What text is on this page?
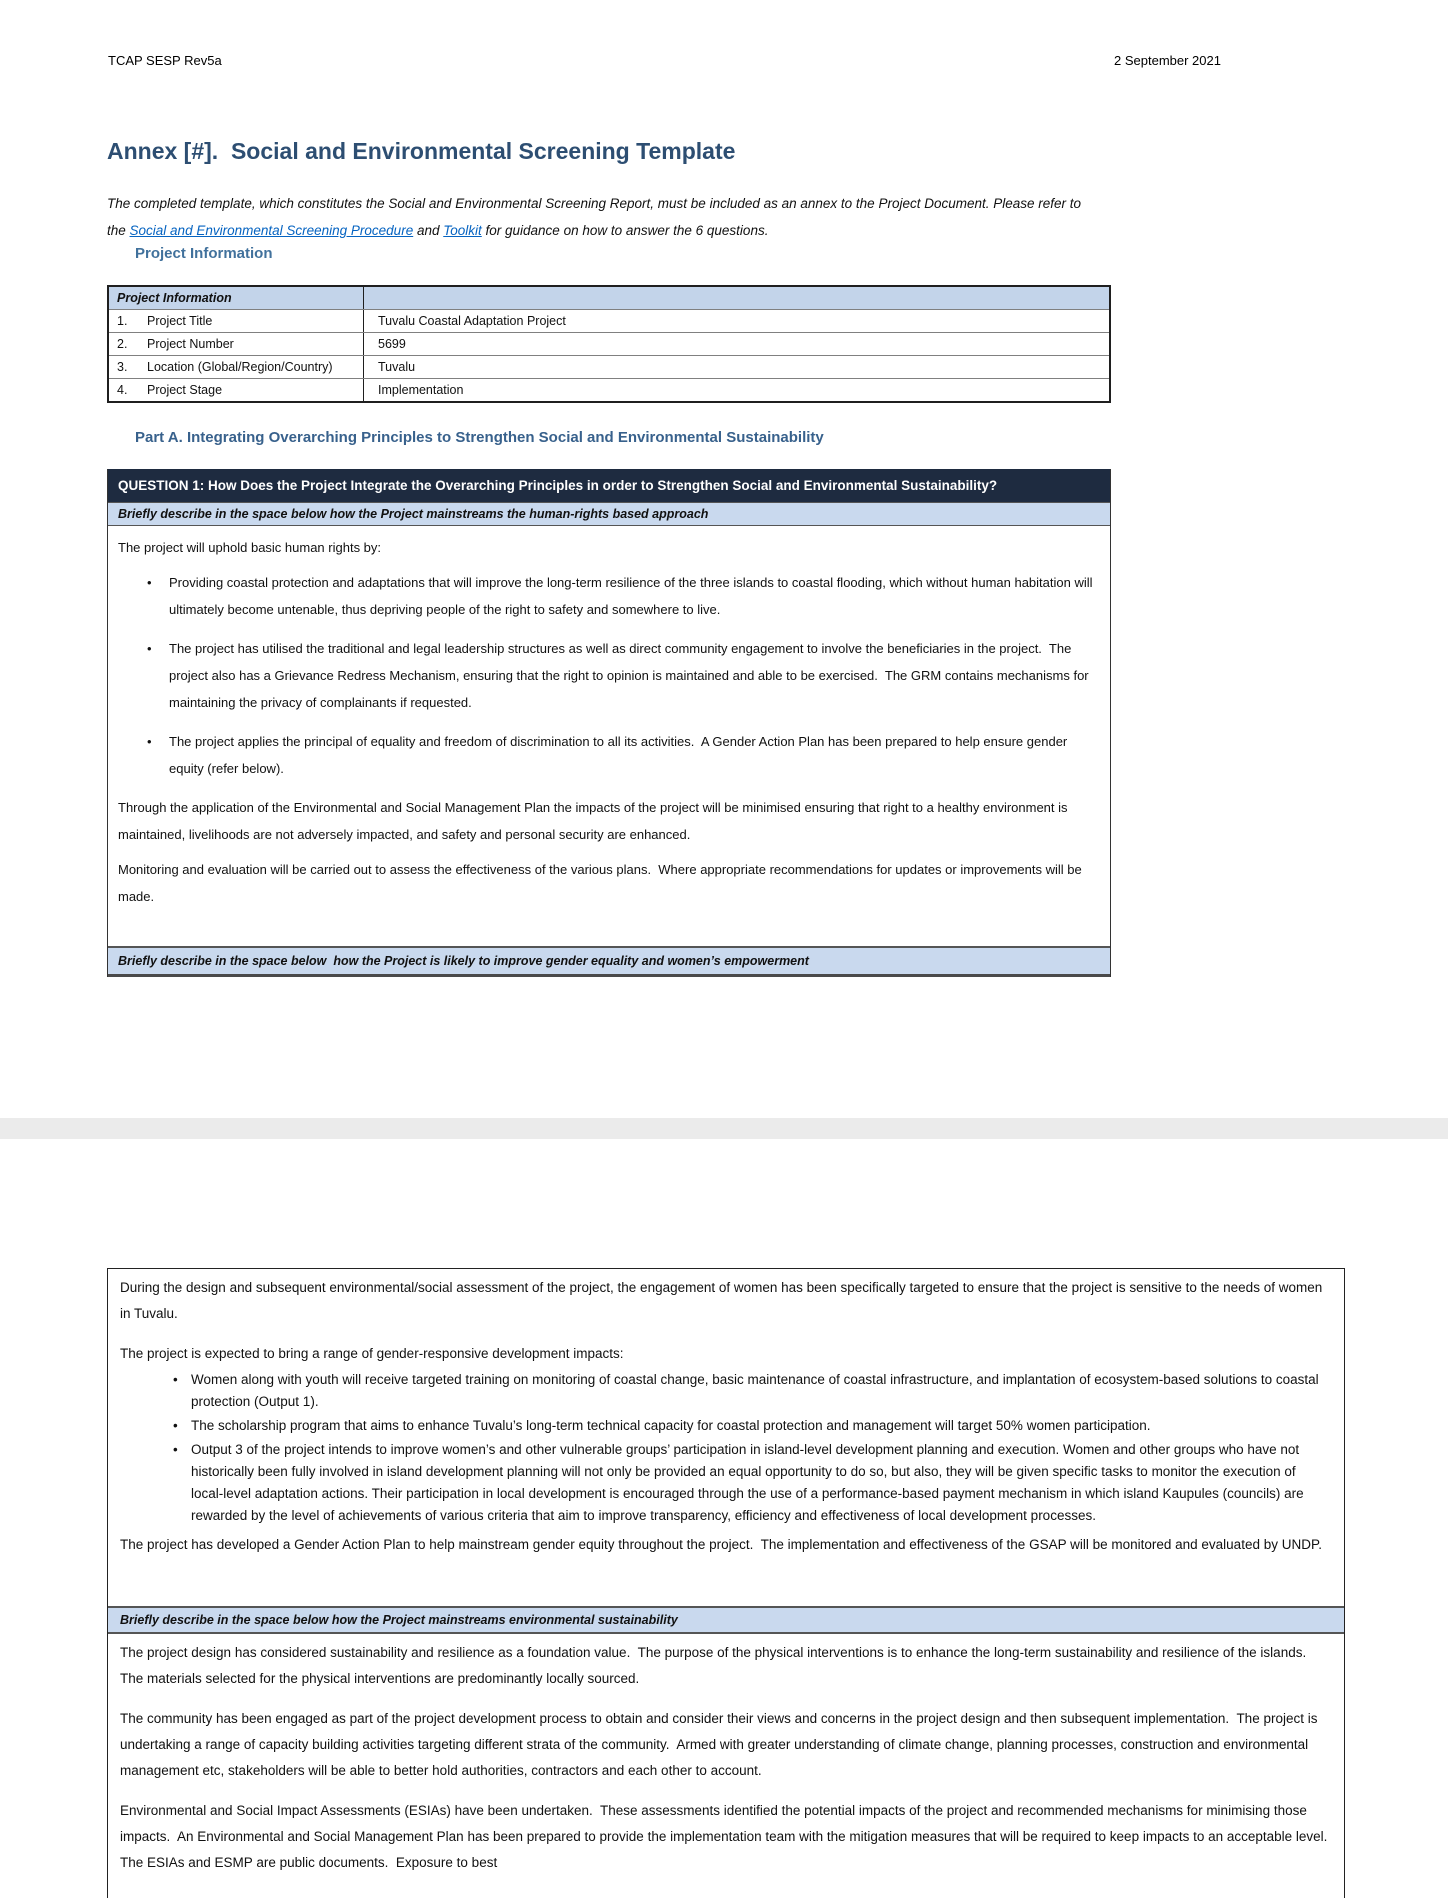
TCAP SESP Rev5a	2 September 2021
Annex [#].  Social and Environmental Screening Template
The completed template, which constitutes the Social and Environmental Screening Report, must be included as an annex to the Project Document. Please refer to the Social and Environmental Screening Procedure and Toolkit for guidance on how to answer the 6 questions.
Project Information
Project Information
1.	Project Title	Tuvalu Coastal Adaptation Project
2.	Project Number	5699
3.	Location (Global/Region/Country)	Tuvalu
4.	Project Stage	Implementation
Part A. Integrating Overarching Principles to Strengthen Social and Environmental Sustainability
QUESTION 1: How Does the Project Integrate the Overarching Principles in order to Strengthen Social and Environmental Sustainability?
Briefly describe in the space below how the Project mainstreams the human-rights based approach

The project will uphold basic human rights by:

• Providing coastal protection and adaptations that will improve the long-term resilience of the three islands to coastal flooding, which without human habitation will ultimately become untenable, thus depriving people of the right to safety and somewhere to live.
• The project has utilised the traditional and legal leadership structures as well as direct community engagement to involve the beneficiaries in the project.  The project also has a Grievance Redress Mechanism, ensuring that the right to opinion is maintained and able to be exercised.  The GRM contains mechanisms for maintaining the privacy of complainants if requested.
• The project applies the principal of equality and freedom of discrimination to all its activities.  A Gender Action Plan has been prepared to help ensure gender equity (refer below).

Through the application of the Environmental and Social Management Plan the impacts of the project will be minimised ensuring that right to a healthy environment is maintained, livelihoods are not adversely impacted, and safety and personal security are enhanced.

Monitoring and evaluation will be carried out to assess the effectiveness of the various plans.  Where appropriate recommendations for updates or improvements will be made.

Briefly describe in the space below  how the Project is likely to improve gender equality and women’s empowerment

During the design and subsequent environmental/social assessment of the project, the engagement of women has been specifically targeted to ensure that the project is sensitive to the needs of women in Tuvalu.

The project is expected to bring a range of gender-responsive development impacts:

• Women along with youth will receive targeted training on monitoring of coastal change, basic maintenance of coastal infrastructure, and implantation of ecosystem-based solutions to coastal protection (Output 1).
• The scholarship program that aims to enhance Tuvalu’s long-term technical capacity for coastal protection and management will target 50% women participation.
• Output 3 of the project intends to improve women’s and other vulnerable groups’ participation in island-level development planning and execution. Women and other groups who have not historically been fully involved in island development planning will not only be provided an equal opportunity to do so, but also, they will be given specific tasks to monitor the execution of local-level adaptation actions. Their participation in local development is encouraged through the use of a performance-based payment mechanism in which island Kaupules (councils) are rewarded by the level of achievements of various criteria that aim to improve transparency, efficiency and effectiveness of local development processes.

The project has developed a Gender Action Plan to help mainstream gender equity throughout the project.  The implementation and effectiveness of the GSAP will be monitored and evaluated by UNDP.

Briefly describe in the space below how the Project mainstreams environmental sustainability

The project design has considered sustainability and resilience as a foundation value.  The purpose of the physical interventions is to enhance the long-term sustainability and resilience of the islands.  The materials selected for the physical interventions are predominantly locally sourced.

The community has been engaged as part of the project development process to obtain and consider their views and concerns in the project design and then subsequent implementation.  The project is undertaking a range of capacity building activities targeting different strata of the community.  Armed with greater understanding of climate change, planning processes, construction and environmental management etc, stakeholders will be able to better hold authorities, contractors and each other to account.

Environmental and Social Impact Assessments (ESIAs) have been undertaken.  These assessments identified the potential impacts of the project and recommended mechanisms for minimising those impacts.  An Environmental and Social Management Plan has been prepared to provide the implementation team with the mitigation measures that will be required to keep impacts to an acceptable level.  The ESIAs and ESMP are public documents.  Exposure to best
